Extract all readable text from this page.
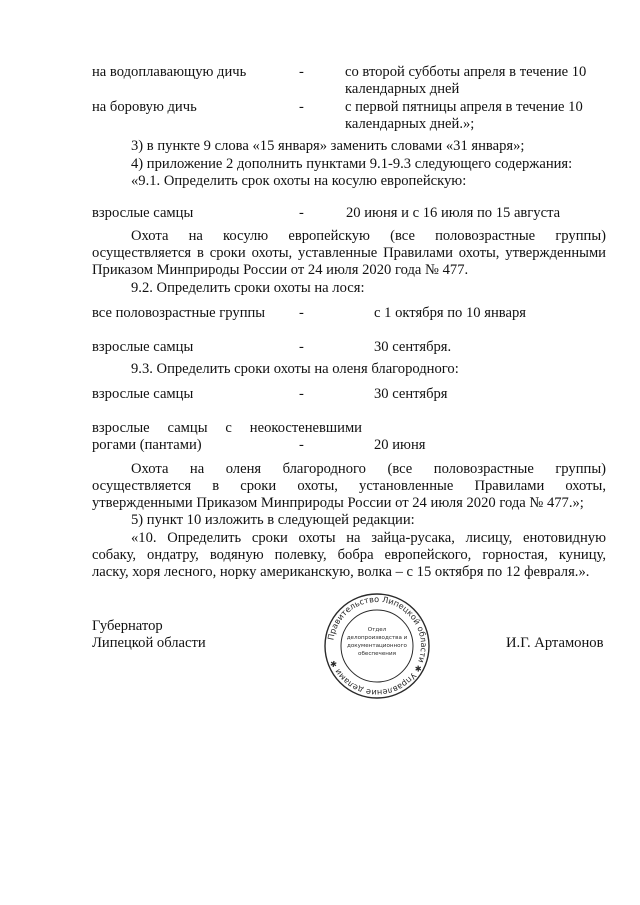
на водоплавающую дичь	-	со второй субботы апреля в течение 10
календарных дней
на боровую дичь	-	с первой пятницы апреля в течение 10
календарных дней.»;
3) в пункте 9 слова «15 января» заменить словами «31 января»;
4) приложение 2 дополнить пунктами 9.1-9.3 следующего содержания:
«9.1. Определить срок охоты на косулю европейскую:
взрослые самцы	-	20 июня и с 16 июля по 15 августа
Охота на косулю европейскую (все половозрастные группы)
осуществляется в сроки охоты, уставленные Правилами охоты, утвержденными
Приказом Минприроды России от 24 июля 2020 года № 477.
9.2. Определить сроки охоты на лося:
все половозрастные группы -	с 1 октября по 10 января
взрослые самцы	-	30 сентября.
9.3. Определить сроки охоты на оленя благородного:
взрослые самцы	-	30 сентября
взрослые самцы с неокостеневшими
рогами (пантами)	-	20 июня
Охота на оленя благородного (все половозрастные группы)
осуществляется в сроки охоты, установленные Правилами охоты,
утвержденными Приказом Минприроды России от 24 июля 2020 года № 477.»;
5) пункт 10 изложить в следующей редакции:
«10. Определить сроки охоты на зайца-русака, лисицу, енотовидную
собаку, ондатру, водяную полевку, бобра европейского, горностая, куницу,
ласку, хоря лесного, норку американскую, волка – с 15 октября по 12 февраля.».
Губернатор
Липецкой области	И.Г. Артамонов
Правительство Липецкой области ✱ Управление делами ✱
Отдел
делопроизводства и
документационного
обеспечения
